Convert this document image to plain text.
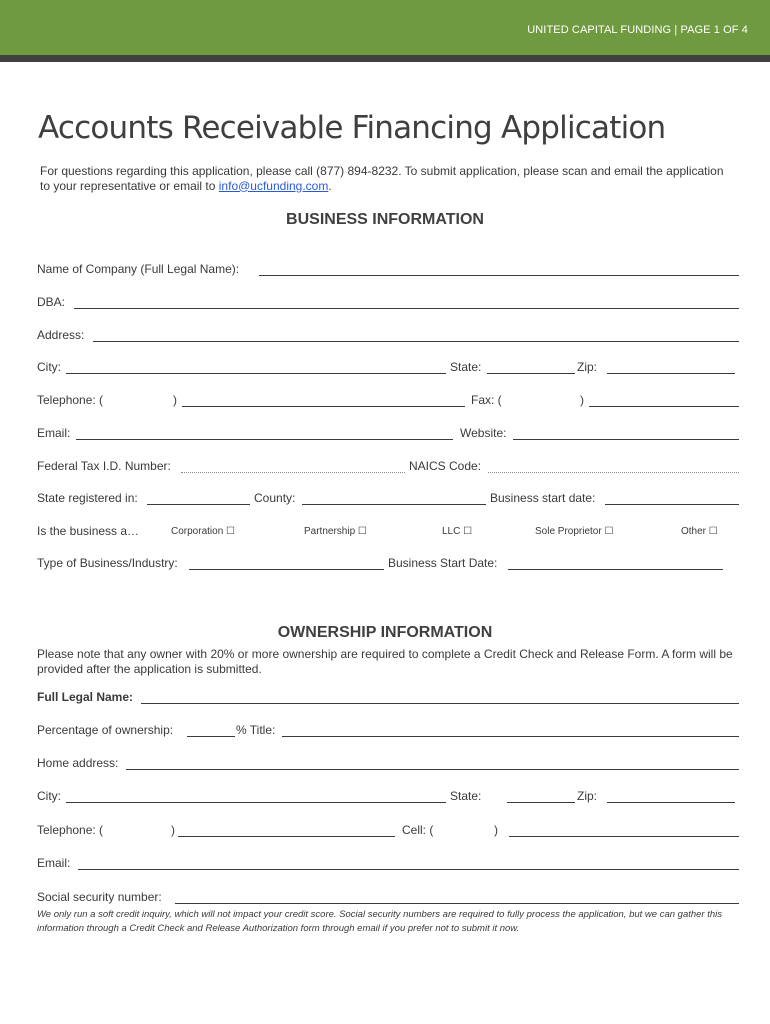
UNITED CAPITAL FUNDING | PAGE 1 OF 4
Accounts Receivable Financing Application
For questions regarding this application, please call (877) 894-8232. To submit application, please scan and email the application to your representative or email to info@ucfunding.com.
BUSINESS INFORMATION
Name of Company (Full Legal Name):
DBA:
Address:
City:	State:	Zip:
Telephone: (	)	Fax: (	)
Email:	Website:
Federal Tax I.D. Number:	NAICS Code:
State registered in:	County:	Business start date:
Is the business a…	Corporation ☐	Partnership ☐	LLC ☐	Sole Proprietor ☐	Other ☐
Type of Business/Industry:	Business Start Date:
OWNERSHIP INFORMATION
Please note that any owner with 20% or more ownership are required to complete a Credit Check and Release Form. A form will be provided after the application is submitted.
Full Legal Name:
Percentage of ownership:	% Title:
Home address:
City:	State:	Zip:
Telephone: (	)	Cell: (	)
Email:
Social security number:
We only run a soft credit inquiry, which will not impact your credit score. Social security numbers are required to fully process the application, but we can gather this information through a Credit Check and Release Authorization form through email if you prefer not to submit it now.
